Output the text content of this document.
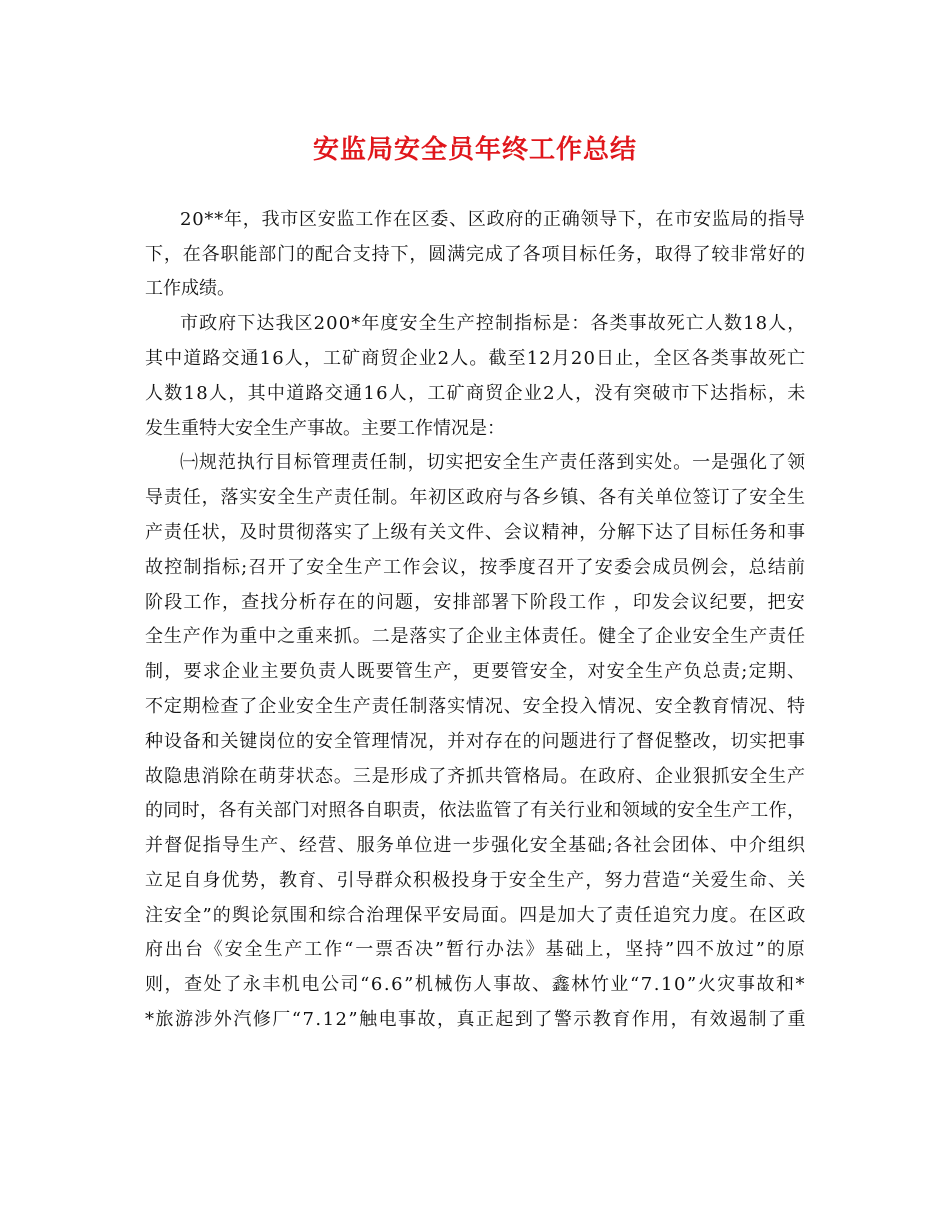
安监局安全员年终工作总结
20**年，我市区安监工作在区委、区政府的正确领导下，在市安监局的指导
下，在各职能部门的配合支持下，圆满完成了各项目标任务，取得了较非常好的
工作成绩。
市政府下达我区200*年度安全生产控制指标是：各类事故死亡人数18人，
其中道路交通16人，工矿商贸企业2人。截至12月20日止，全区各类事故死亡
人数18人，其中道路交通16人，工矿商贸企业2人，没有突破市下达指标，未
发生重特大安全生产事故。主要工作情况是：
㈠规范执行目标管理责任制，切实把安全生产责任落到实处。一是强化了领
导责任，落实安全生产责任制。年初区政府与各乡镇、各有关单位签订了安全生
产责任状，及时贯彻落实了上级有关文件、会议精神，分解下达了目标任务和事
故控制指标;召开了安全生产工作会议，按季度召开了安委会成员例会，总结前
阶段工作，查找分析存在的问题，安排部署下阶段工作 ，印发会议纪要，把安
全生产作为重中之重来抓。二是落实了企业主体责任。健全了企业安全生产责任
制，要求企业主要负责人既要管生产，更要管安全，对安全生产负总责;定期、
不定期检查了企业安全生产责任制落实情况、安全投入情况、安全教育情况、特
种设备和关键岗位的安全管理情况，并对存在的问题进行了督促整改，切实把事
故隐患消除在萌芽状态。三是形成了齐抓共管格局。在政府、企业狠抓安全生产
的同时，各有关部门对照各自职责，依法监管了有关行业和领域的安全生产工作，
并督促指导生产、经营、服务单位进一步强化安全基础;各社会团体、中介组织
立足自身优势，教育、引导群众积极投身于安全生产，努力营造“关爱生命、关
注安全”的舆论氛围和综合治理保平安局面。四是加大了责任追究力度。在区政
府出台《安全生产工作“一票否决”暂行办法》基础上，坚持”四不放过”的原
则，查处了永丰机电公司“6.6”机械伤人事故、鑫林竹业“7.10”火灾事故和*
*旅游涉外汽修厂“7.12”触电事故，真正起到了警示教育作用，有效遏制了重
